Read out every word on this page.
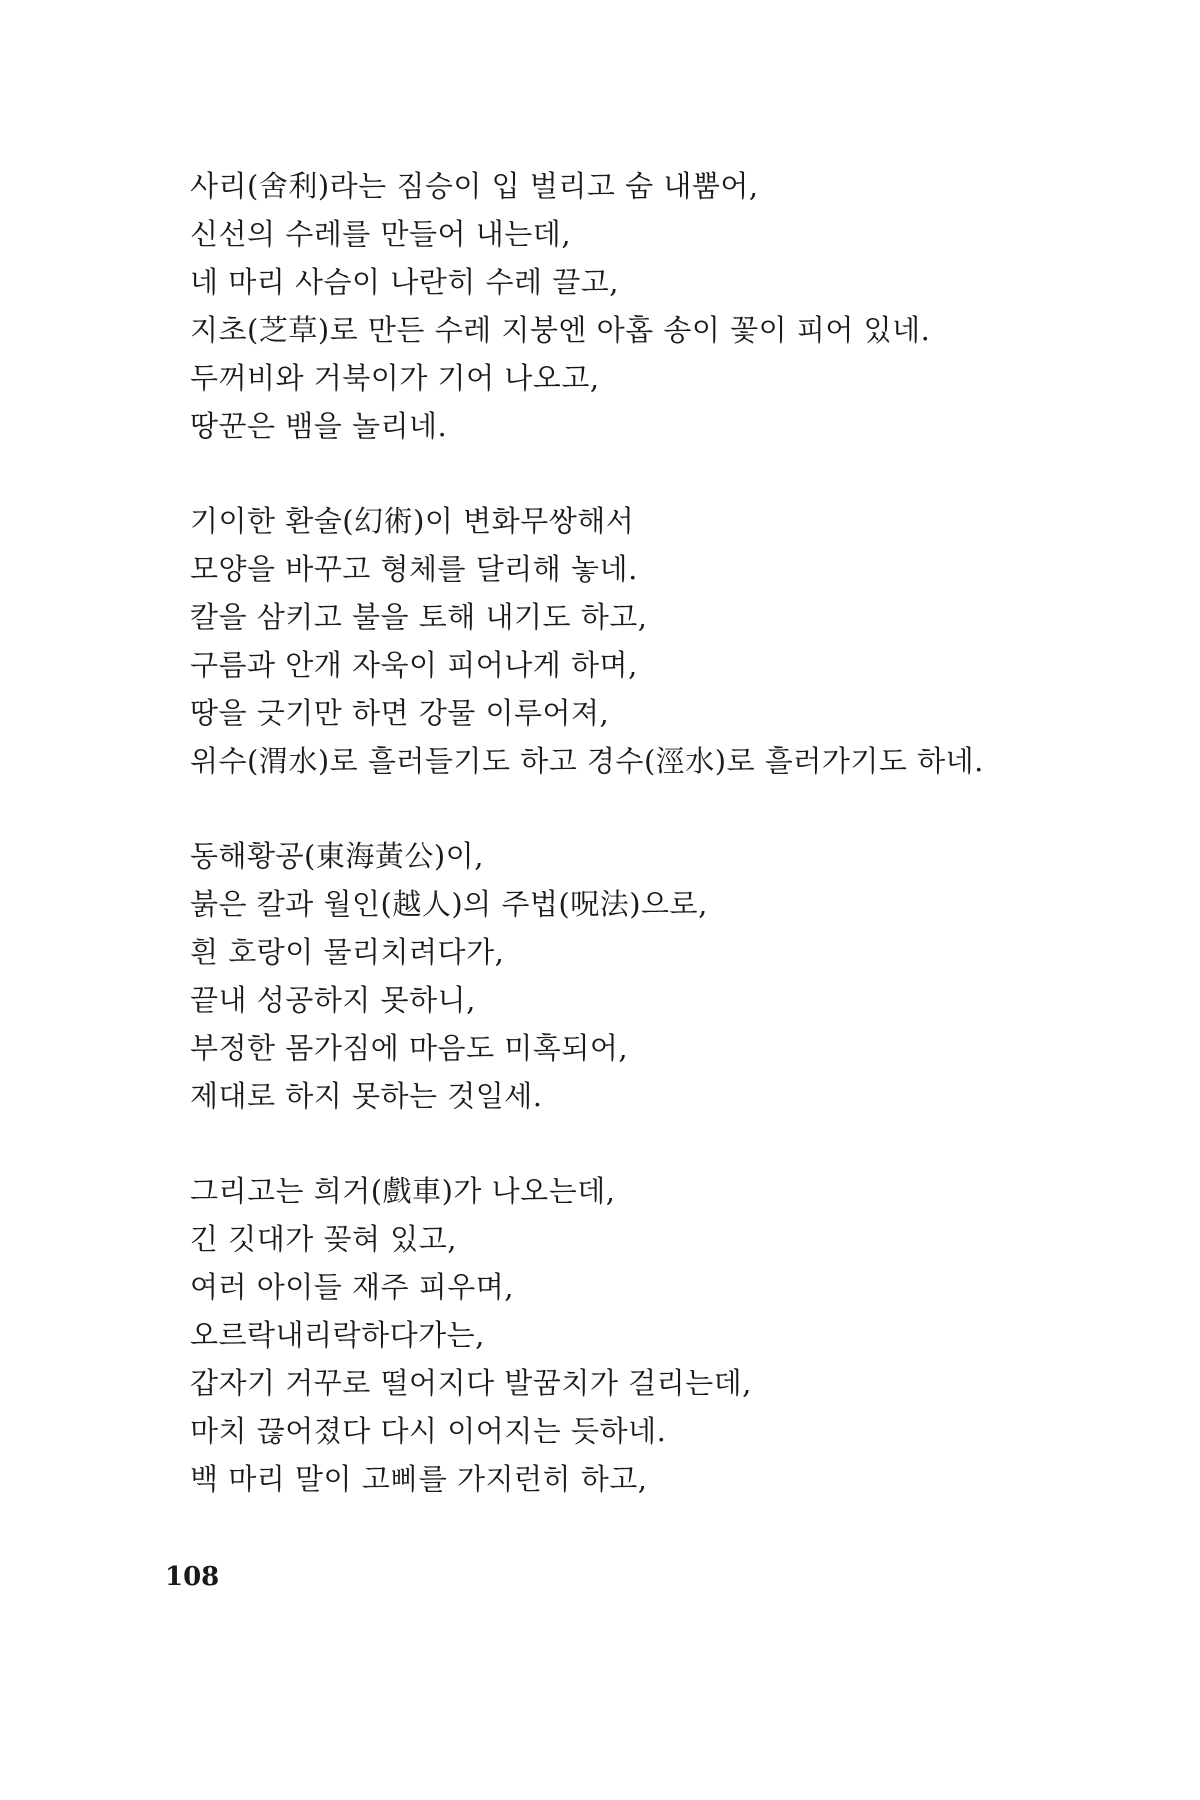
사리(舍利)라는 짐승이 입 벌리고 숨 내뿜어,
신선의 수레를 만들어 내는데,
네 마리 사슴이 나란히 수레 끌고,
지초(芝草)로 만든 수레 지붕엔 아홉 송이 꽃이 피어 있네.
두꺼비와 거북이가 기어 나오고,
땅꾼은 뱀을 놀리네.
기이한 환술(幻術)이 변화무쌍해서
모양을 바꾸고 형체를 달리해 놓네.
칼을 삼키고 불을 토해 내기도 하고,
구름과 안개 자욱이 피어나게 하며,
땅을 긋기만 하면 강물 이루어져,
위수(渭水)로 흘러들기도 하고 경수(涇水)로 흘러가기도 하네.
동해황공(東海黃公)이,
붉은 칼과 월인(越人)의 주법(呪法)으로,
흰 호랑이 물리치려다가,
끝내 성공하지 못하니,
부정한 몸가짐에 마음도 미혹되어,
제대로 하지 못하는 것일세.
그리고는 희거(戲車)가 나오는데,
긴 깃대가 꽂혀 있고,
여러 아이들 재주 피우며,
오르락내리락하다가는,
갑자기 거꾸로 떨어지다 발꿈치가 걸리는데,
마치 끊어졌다 다시 이어지는 듯하네.
백 마리 말이 고삐를 가지런히 하고,
108
